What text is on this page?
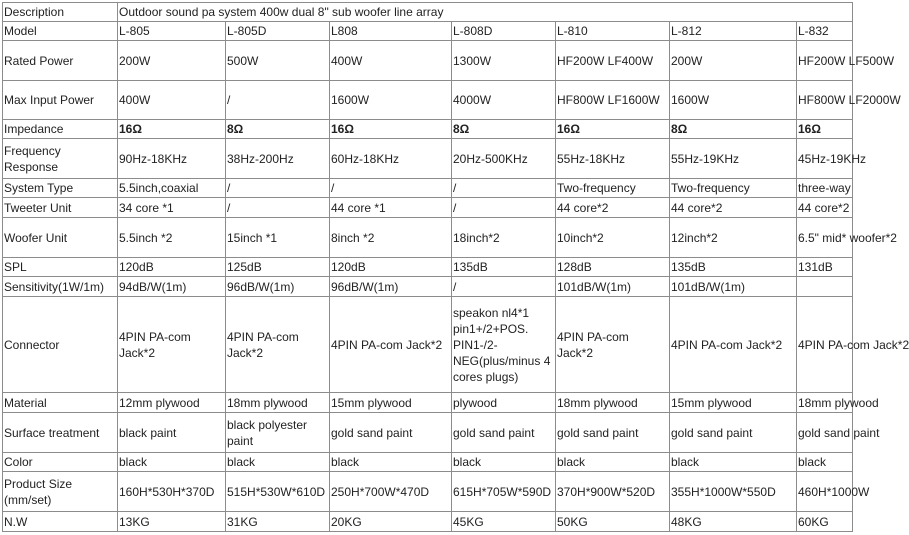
Description	Outdoor sound pa system 400w dual 8" sub woofer line array						
Model	L-805	L-805D	L808	L-808D	L-810	L-812	L-832
Rated Power	200W	500W	400W	1300W	HF200W LF400W	200W	HF200W LF500W
Max Input Power	400W	/	1600W	4000W	HF800W LF1600W	1600W	HF800W LF2000W
Impedance	16Ω	8Ω	16Ω	8Ω	16Ω	8Ω	16Ω
Frequency Response	90Hz-18KHz	38Hz-200Hz	60Hz-18KHz	20Hz-500KHz	55Hz-18KHz	55Hz-19KHz	45Hz-19KHz
System Type	5.5inch,coaxial	/	/	/	Two-frequency	Two-frequency	three-way
Tweeter Unit	34 core *1	/	44 core *1	/	44 core*2	44 core*2	44 core*2
Woofer Unit	5.5inch *2	15inch *1	8inch *2	18inch*2	10inch*2	12inch*2	6.5" mid* woofer*2
SPL	120dB	125dB	120dB	135dB	128dB	135dB	131dB
Sensitivity(1W/1m)	94dB/W(1m)	96dB/W(1m)	96dB/W(1m)	/	101dB/W(1m)	101dB/W(1m)	
Connector	4PIN PA-com Jack*2	4PIN PA-com Jack*2	4PIN PA-com Jack*2	speakon nl4*1 pin1+/2+POS. PIN1-/2-NEG(plus/minus 4 cores plugs)	4PIN PA-com Jack*2	4PIN PA-com Jack*2	4PIN PA-com Jack*2
Material	12mm plywood	18mm plywood	15mm plywood	plywood	18mm plywood	15mm plywood	18mm plywood
Surface treatment	black paint	black polyester paint	gold sand paint	gold sand paint	gold sand paint	gold sand paint	gold sand paint
Color	black	black	black	black	black	black	black
Product Size (mm/set)	160H*530H*370D	515H*530W*610D	250H*700W*470D	615H*705W*590D	370H*900W*520D	355H*1000W*550D	460H*1000W
N.W	13KG	31KG	20KG	45KG	50KG	48KG	60KG
